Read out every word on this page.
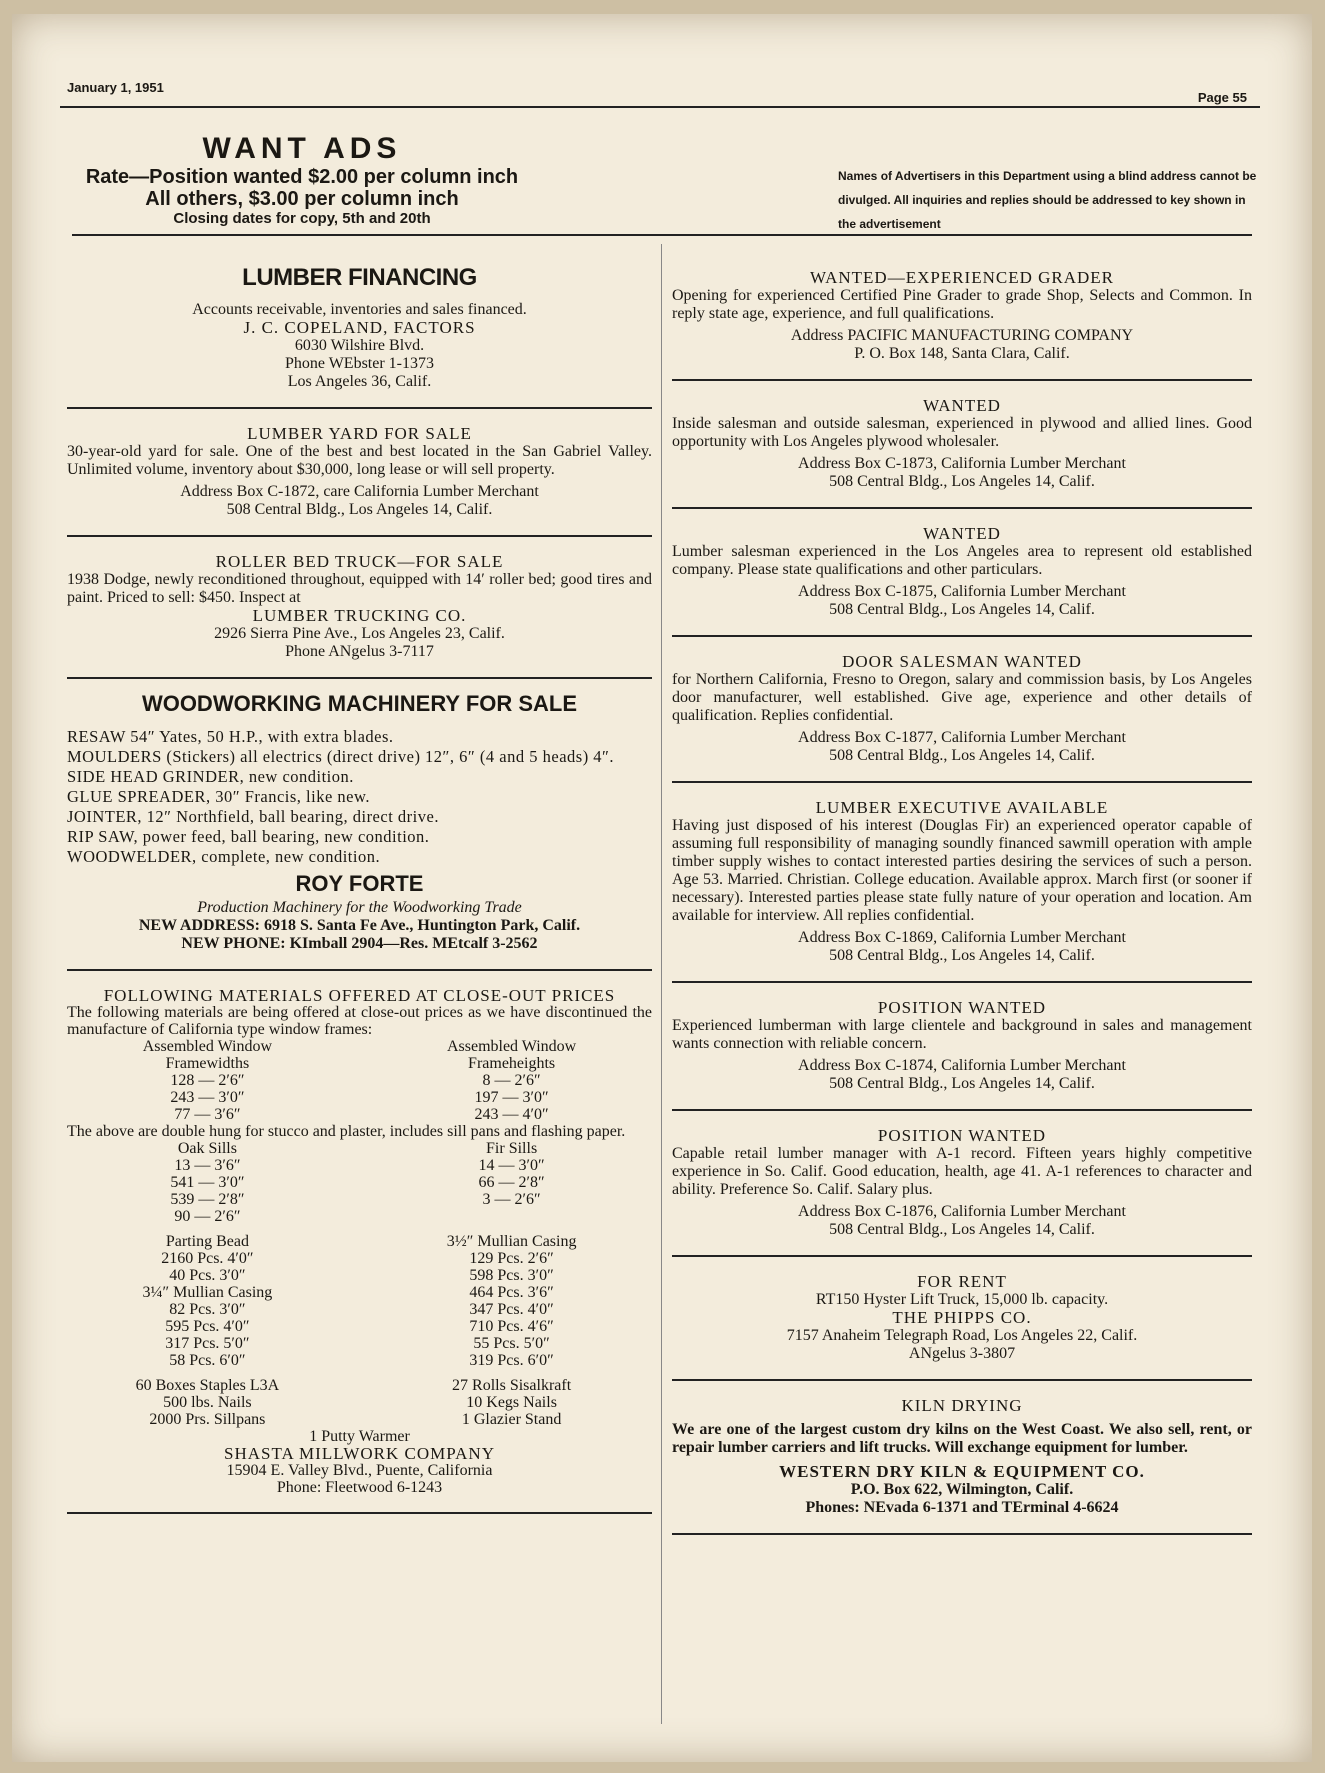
January 1, 1951
Page 55
WANT ADS
Rate—Position wanted $2.00 per column inch
All others, $3.00 per column inch
Closing dates for copy, 5th and 20th
Names of Advertisers in this Department using a blind address cannot be divulged. All inquiries and replies should be addressed to key shown in the advertisement
LUMBER FINANCING

Accounts receivable, inventories and sales financed.

J. C. COPELAND, FACTORS

6030 Wilshire Blvd.

Phone WEbster 1-1373

Los Angeles 36, Calif.

LUMBER YARD FOR SALE

30-year-old yard for sale. One of the best and best located in the San Gabriel Valley. Unlimited volume, inventory about $30,000, long lease or will sell property.

Address Box C-1872, care California Lumber Merchant

508 Central Bldg., Los Angeles 14, Calif.

ROLLER BED TRUCK—FOR SALE

1938 Dodge, newly reconditioned throughout, equipped with 14′ roller bed; good tires and paint. Priced to sell: $450. Inspect at

LUMBER TRUCKING CO.

2926 Sierra Pine Ave., Los Angeles 23, Calif.

Phone ANgelus 3-7117

WOODWORKING MACHINERY FOR SALE
RESAW 54″ Yates, 50 H.P., with extra blades.
MOULDERS (Stickers) all electrics (direct drive) 12″, 6″ (4 and 5 heads) 4″.
SIDE HEAD GRINDER, new condition.
GLUE SPREADER, 30″ Francis, like new.
JOINTER, 12″ Northfield, ball bearing, direct drive.
RIP SAW, power feed, ball bearing, new condition.
WOODWELDER, complete, new condition.
ROY FORTE

Production Machinery for the Woodworking Trade

NEW ADDRESS: 6918 S. Santa Fe Ave., Huntington Park, Calif.

NEW PHONE: KImball 2904—Res. MEtcalf 3-2562

FOLLOWING MATERIALS OFFERED AT CLOSE-OUT PRICES

The following materials are being offered at close-out prices as we have discontinued the manufacture of California type window frames:

Assembled Window

Framewidths

128 — 2′6″

243 — 3′0″

77 — 3′6″

Assembled Window

Frameheights

8 — 2′6″

197 — 3′0″

243 — 4′0″

The above are double hung for stucco and plaster, includes sill pans and flashing paper.

Oak Sills

13 — 3′6″

541 — 3′0″

539 — 2′8″

90 — 2′6″

Fir Sills

14 — 3′0″

66 — 2′8″

3 — 2′6″

Parting Bead

2160 Pcs. 4′0″

40 Pcs. 3′0″

3¼″ Mullian Casing

82 Pcs. 3′0″

595 Pcs. 4′0″

317 Pcs. 5′0″

58 Pcs. 6′0″

3½″ Mullian Casing

129 Pcs. 2′6″

598 Pcs. 3′0″

464 Pcs. 3′6″

347 Pcs. 4′0″

710 Pcs. 4′6″

55 Pcs. 5′0″

319 Pcs. 6′0″

60 Boxes Staples L3A

500 lbs. Nails

2000 Prs. Sillpans

27 Rolls Sisalkraft

10 Kegs Nails

1 Glazier Stand

1 Putty Warmer

SHASTA MILLWORK COMPANY

15904 E. Valley Blvd., Puente, California

Phone: Fleetwood 6-1243

WANTED—EXPERIENCED GRADER

Opening for experienced Certified Pine Grader to grade Shop, Selects and Common. In reply state age, experience, and full qualifications.

Address PACIFIC MANUFACTURING COMPANY

P. O. Box 148, Santa Clara, Calif.

WANTED

Inside salesman and outside salesman, experienced in plywood and allied lines. Good opportunity with Los Angeles plywood wholesaler.

Address Box C-1873, California Lumber Merchant

508 Central Bldg., Los Angeles 14, Calif.

WANTED

Lumber salesman experienced in the Los Angeles area to represent old established company. Please state qualifications and other particulars.

Address Box C-1875, California Lumber Merchant

508 Central Bldg., Los Angeles 14, Calif.

DOOR SALESMAN WANTED

for Northern California, Fresno to Oregon, salary and commission basis, by Los Angeles door manufacturer, well established. Give age, experience and other details of qualification. Replies confidential.

Address Box C-1877, California Lumber Merchant

508 Central Bldg., Los Angeles 14, Calif.

LUMBER EXECUTIVE AVAILABLE

Having just disposed of his interest (Douglas Fir) an experienced operator capable of assuming full responsibility of managing soundly financed sawmill operation with ample timber supply wishes to contact interested parties desiring the services of such a person. Age 53. Married. Christian. College education. Available approx. March first (or sooner if necessary). Interested parties please state fully nature of your operation and location. Am available for interview. All replies confidential.

Address Box C-1869, California Lumber Merchant

508 Central Bldg., Los Angeles 14, Calif.

POSITION WANTED

Experienced lumberman with large clientele and background in sales and management wants connection with reliable concern.

Address Box C-1874, California Lumber Merchant

508 Central Bldg., Los Angeles 14, Calif.

POSITION WANTED

Capable retail lumber manager with A-1 record. Fifteen years highly competitive experience in So. Calif. Good education, health, age 41. A-1 references to character and ability. Preference So. Calif. Salary plus.

Address Box C-1876, California Lumber Merchant

508 Central Bldg., Los Angeles 14, Calif.

FOR RENT

RT150 Hyster Lift Truck, 15,000 lb. capacity.

THE PHIPPS CO.

7157 Anaheim Telegraph Road, Los Angeles 22, Calif.

ANgelus 3-3807

KILN DRYING

We are one of the largest custom dry kilns on the West Coast. We also sell, rent, or repair lumber carriers and lift trucks. Will exchange equipment for lumber.

WESTERN DRY KILN & EQUIPMENT CO.

P.O. Box 622, Wilmington, Calif.

Phones: NEvada 6-1371 and TErminal 4-6624
